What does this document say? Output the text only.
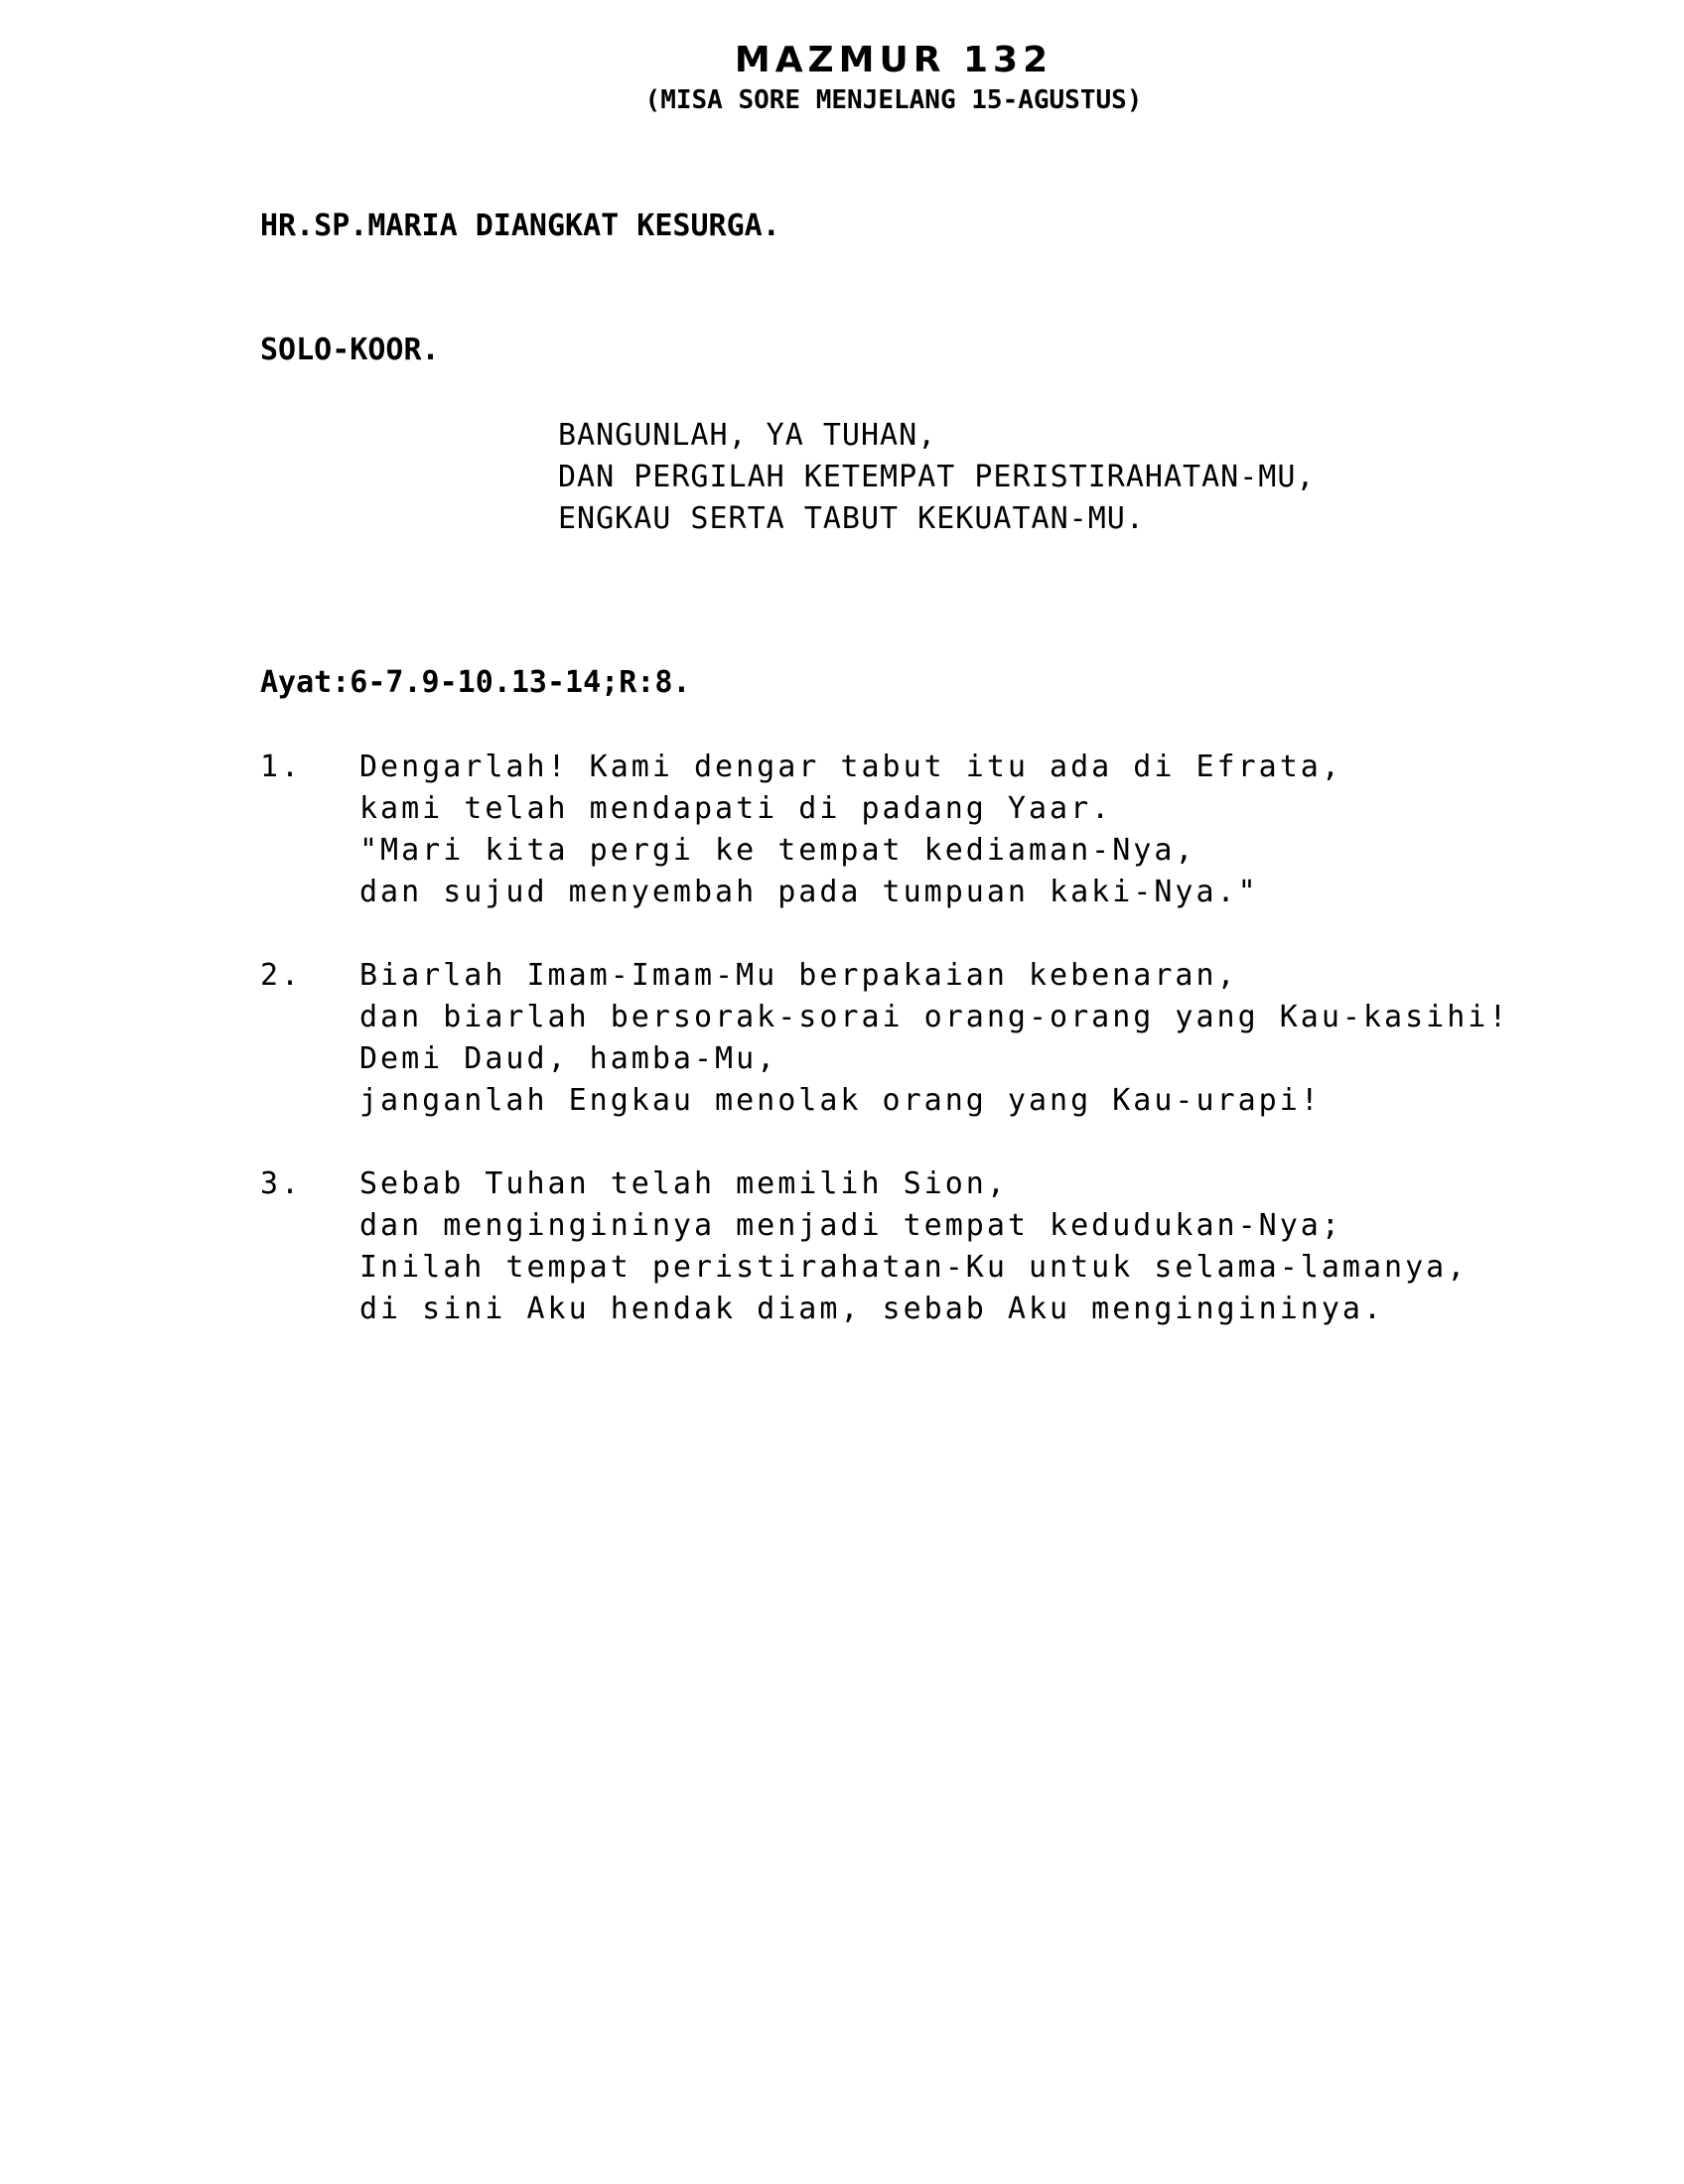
MAZMUR 132
(MISA SORE MENJELANG 15-AGUSTUS)
HR.SP.MARIA DIANGKAT KESURGA.
SOLO-KOOR.
BANGUNLAH, YA TUHAN,
DAN PERGILAH KETEMPAT PERISTIRAHATAN-MU,
ENGKAU SERTA TABUT KEKUATAN-MU.
Ayat:6-7.9-10.13-14;R:8.
1.	Dengarlah! Kami dengar tabut itu ada di Efrata,
kami telah mendapati di padang Yaar.
"Mari kita pergi ke tempat kediaman-Nya,
dan sujud menyembah pada tumpuan kaki-Nya."
2.	Biarlah Imam-Imam-Mu berpakaian kebenaran,
dan biarlah bersorak-sorai orang-orang yang Kau-kasihi!
Demi Daud, hamba-Mu,
janganlah Engkau menolak orang yang Kau-urapi!
3.	Sebab Tuhan telah memilih Sion,
dan mengingininya menjadi tempat kedudukan-Nya;
Inilah tempat peristirahatan-Ku untuk selama-lamanya,
di sini Aku hendak diam, sebab Aku mengingininya.
